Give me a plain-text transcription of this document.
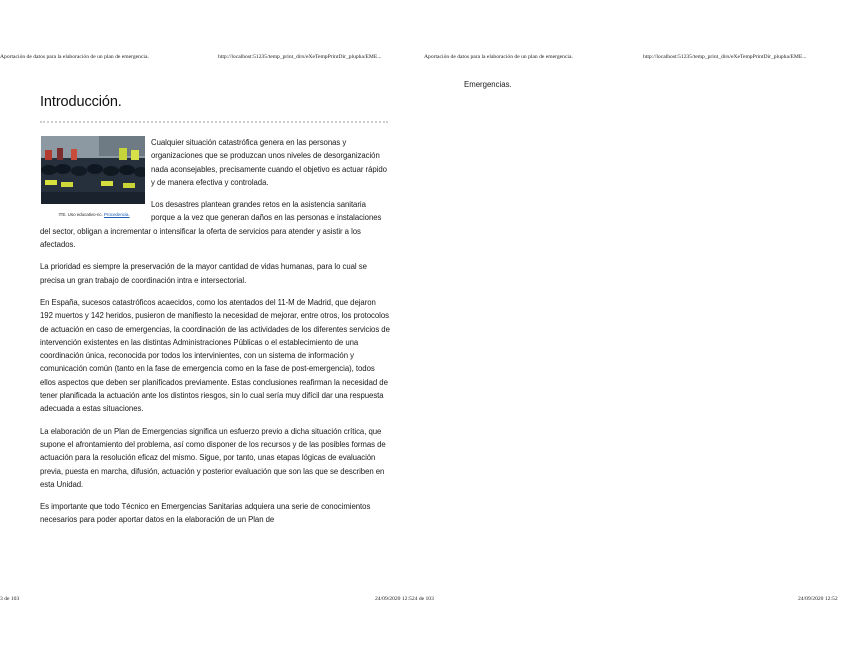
Aportación de datos para la elaboración de un plan de emergencia.	http://localhost:51235/temp_print_dirs/eXeTempPrintDir_plupha/EME...	Aportación de datos para la elaboración de un plan de emergencia.	http://localhost:51235/temp_print_dirs/eXeTempPrintDir_plupha/EME...
Introducción.
ITE. Uso educativo-nc. Procedencia.

Cualquier situación catastrófica genera en las personas y organizaciones que se produzcan unos niveles de desorganización nada aconsejables, precisamente cuando el objetivo es actuar rápido y de manera efectiva y controlada.

Los desastres plantean grandes retos en la asistencia sanitaria porque a la vez que generan daños en las personas e instalaciones del sector, obligan a incrementar o intensificar la oferta de servicios para atender y asistir a los afectados.

La prioridad es siempre la preservación de la mayor cantidad de vidas humanas, para lo cual se precisa un gran trabajo de coordinación intra e intersectorial.

En España, sucesos catastróficos acaecidos, como los atentados del 11-M de Madrid, que dejaron 192 muertos y 142 heridos, pusieron de manifiesto la necesidad de mejorar, entre otros, los protocolos de actuación en caso de emergencias, la coordinación de las actividades de los diferentes servicios de intervención existentes en las distintas Administraciones Públicas o el establecimiento de una coordinación única, reconocida por todos los intervinientes, con un sistema de información y comunicación común (tanto en la fase de emergencia como en la fase de post-emergencia), todos ellos aspectos que deben ser planificados previamente. Estas conclusiones reafirman la necesidad de tener planificada la actuación ante los distintos riesgos, sin lo cual sería muy difícil dar una respuesta adecuada a estas situaciones.

La elaboración de un Plan de Emergencias significa un esfuerzo previo a dicha situación crítica, que supone el afrontamiento del problema, así como disponer de los recursos y de las posibles formas de actuación para la resolución eficaz del mismo. Sigue, por tanto, unas etapas lógicas de evaluación previa, puesta en marcha, difusión, actuación y posterior evaluación que son las que se describen en esta Unidad.

Es importante que todo Técnico en Emergencias Sanitarias adquiera una serie de conocimientos necesarios para poder aportar datos en la elaboración de un Plan de

Emergencias.
3 de 103	24/09/2020 12:524 de 103	24/09/2020 12:52
